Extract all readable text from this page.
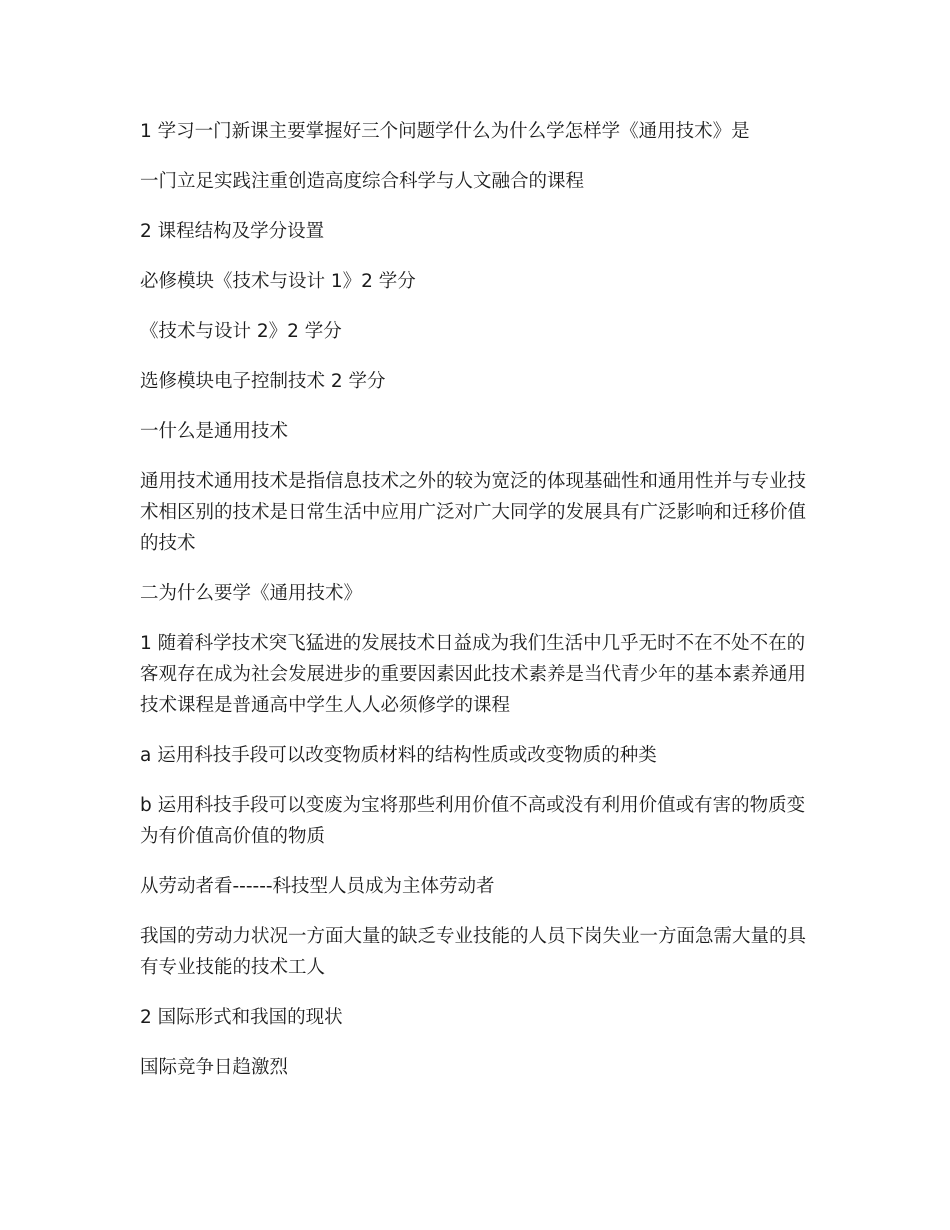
1 学习一门新课主要掌握好三个问题学什么为什么学怎样学《通用技术》是

一门立足实践注重创造高度综合科学与人文融合的课程

2 课程结构及学分设置

必修模块《技术与设计 1》2 学分

《技术与设计 2》2 学分

选修模块电子控制技术 2 学分

一什么是通用技术

通用技术通用技术是指信息技术之外的较为宽泛的体现基础性和通用性并与专业技术相区别的技术是日常生活中应用广泛对广大同学的发展具有广泛影响和迁移价值的技术

二为什么要学《通用技术》

1 随着科学技术突飞猛进的发展技术日益成为我们生活中几乎无时不在不处不在的客观存在成为社会发展进步的重要因素因此技术素养是当代青少年的基本素养通用技术课程是普通高中学生人人必须修学的课程

a 运用科技手段可以改变物质材料的结构性质或改变物质的种类

b 运用科技手段可以变废为宝将那些利用价值不高或没有利用价值或有害的物质变为有价值高价值的物质

从劳动者看------科技型人员成为主体劳动者

我国的劳动力状况一方面大量的缺乏专业技能的人员下岗失业一方面急需大量的具有专业技能的技术工人

2 国际形式和我国的现状

国际竞争日趋激烈
